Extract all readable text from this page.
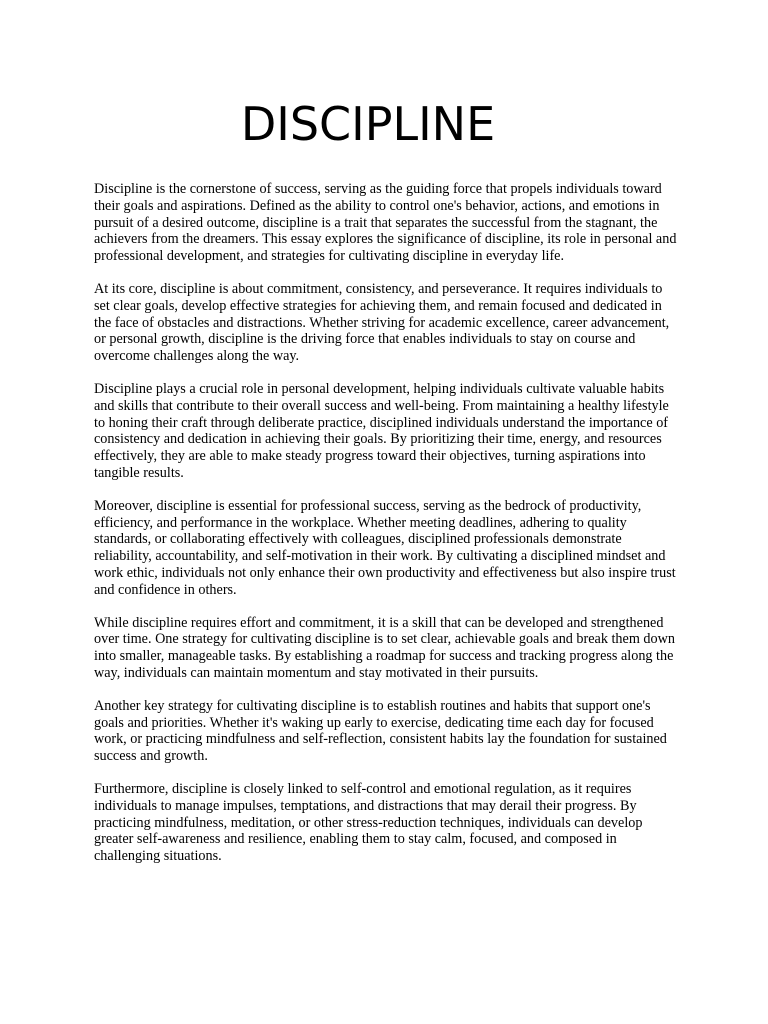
DISCIPLINE

Discipline is the cornerstone of success, serving as the guiding force that propels individuals toward their goals and aspirations. Defined as the ability to control one's behavior, actions, and emotions in pursuit of a desired outcome, discipline is a trait that separates the successful from the stagnant, the achievers from the dreamers. This essay explores the significance of discipline, its role in personal and professional development, and strategies for cultivating discipline in everyday life.

At its core, discipline is about commitment, consistency, and perseverance. It requires individuals to set clear goals, develop effective strategies for achieving them, and remain focused and dedicated in the face of obstacles and distractions. Whether striving for academic excellence, career advancement, or personal growth, discipline is the driving force that enables individuals to stay on course and overcome challenges along the way.

Discipline plays a crucial role in personal development, helping individuals cultivate valuable habits and skills that contribute to their overall success and well-being. From maintaining a healthy lifestyle to honing their craft through deliberate practice, disciplined individuals understand the importance of consistency and dedication in achieving their goals. By prioritizing their time, energy, and resources effectively, they are able to make steady progress toward their objectives, turning aspirations into tangible results.

Moreover, discipline is essential for professional success, serving as the bedrock of productivity, efficiency, and performance in the workplace. Whether meeting deadlines, adhering to quality standards, or collaborating effectively with colleagues, disciplined professionals demonstrate reliability, accountability, and self-motivation in their work. By cultivating a disciplined mindset and work ethic, individuals not only enhance their own productivity and effectiveness but also inspire trust and confidence in others.

While discipline requires effort and commitment, it is a skill that can be developed and strengthened over time. One strategy for cultivating discipline is to set clear, achievable goals and break them down into smaller, manageable tasks. By establishing a roadmap for success and tracking progress along the way, individuals can maintain momentum and stay motivated in their pursuits.

Another key strategy for cultivating discipline is to establish routines and habits that support one's goals and priorities. Whether it's waking up early to exercise, dedicating time each day for focused work, or practicing mindfulness and self-reflection, consistent habits lay the foundation for sustained success and growth.

Furthermore, discipline is closely linked to self-control and emotional regulation, as it requires individuals to manage impulses, temptations, and distractions that may derail their progress. By practicing mindfulness, meditation, or other stress-reduction techniques, individuals can develop greater self-awareness and resilience, enabling them to stay calm, focused, and composed in challenging situations.
